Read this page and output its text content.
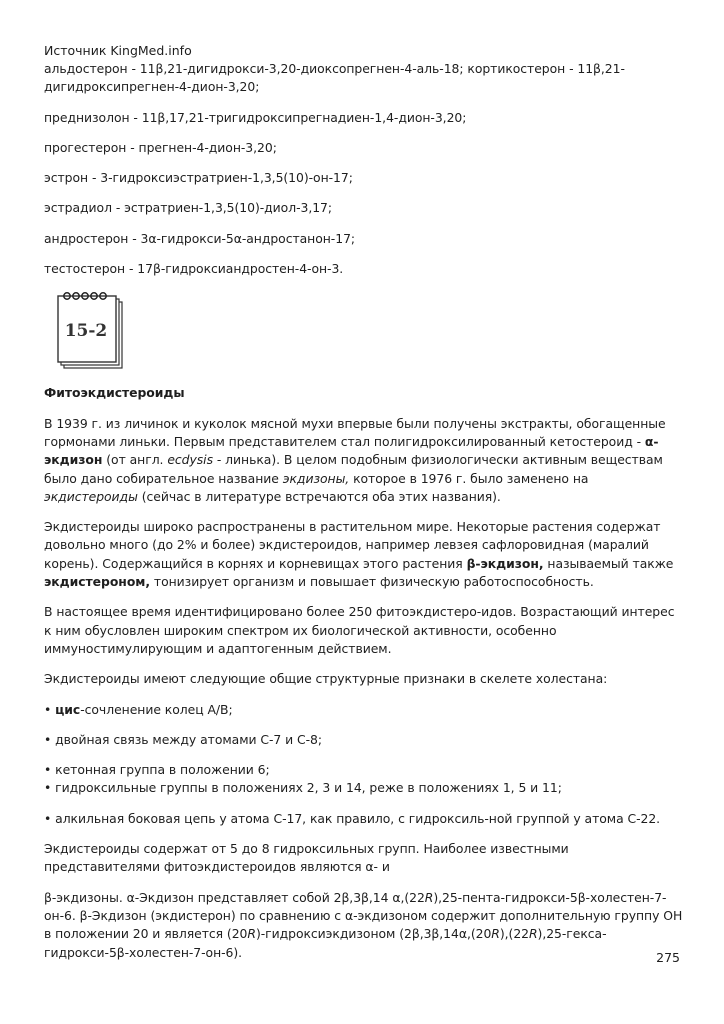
Источник KingMed.info

альдостерон - 11β,21-дигидрокси-3,20-диоксопрегнен-4-аль-18; кортикостерон - 11β,21-дигидроксипрегнен-4-дион-3,20;

преднизолон - 11β,17,21-тригидроксипрегнадиен-1,4-дион-3,20;

прогестерон - прегнен-4-дион-3,20;

эстрон - 3-гидроксиэстратриен-1,3,5(10)-он-17;

эстрадиол - эстратриен-1,3,5(10)-диол-3,17;

андростерон - 3α-гидрокси-5α-андростанон-17;

тестостерон - 17β-гидроксиандростен-4-он-3.

15-2

Фитоэкдистероиды

В 1939 г. из личинок и куколок мясной мухи впервые были получены экстракты, обогащенные гормонами линьки. Первым представителем стал полигидроксилированный кетостероид - α-экдизон (от англ. ecdysis - линька). В целом подобным физиологически активным веществам было дано собирательное название экдизоны, которое в 1976 г. было заменено на экдистероиды (сейчас в литературе встречаются оба этих названия).

Экдистероиды широко распространены в растительном мире. Некоторые растения содержат довольно много (до 2% и более) экдистероидов, например левзея сафлоровидная (маралий корень). Содержащийся в корнях и корневищах этого растения β-экдизон, называемый также экдистероном, тонизирует организм и повышает физическую работоспособность.

В настоящее время идентифицировано более 250 фитоэкдистеро-идов. Возрастающий интерес к ним обусловлен широким спектром их биологической активности, особенно иммуностимулирующим и адаптогенным действием.

Экдистероиды имеют следующие общие структурные признаки в скелете холестана:

• цис-сочленение колец А/В;

• двойная связь между атомами С-7 и С-8;

• кетонная группа в положении 6;

• гидроксильные группы в положениях 2, 3 и 14, реже в положениях 1, 5 и 11;

• алкильная боковая цепь у атома С-17, как правило, с гидроксиль-ной группой у атома С-22.

Экдистероиды содержат от 5 до 8 гидроксильных групп. Наиболее известными представителями фитоэкдистероидов являются α- и

β-экдизоны. α-Экдизон представляет собой 2β,3β,14 α,(22R),25-пента-гидрокси-5β-холестен-7-он-6. β-Экдизон (экдистерон) по сравнению с α-экдизоном содержит дополнительную группу ОН в положении 20 и является (20R)-гидроксиэкдизоном (2β,3β,14α,(20R),(22R),25-гекса-гидрокси-5β-холестен-7-он-6).	275
